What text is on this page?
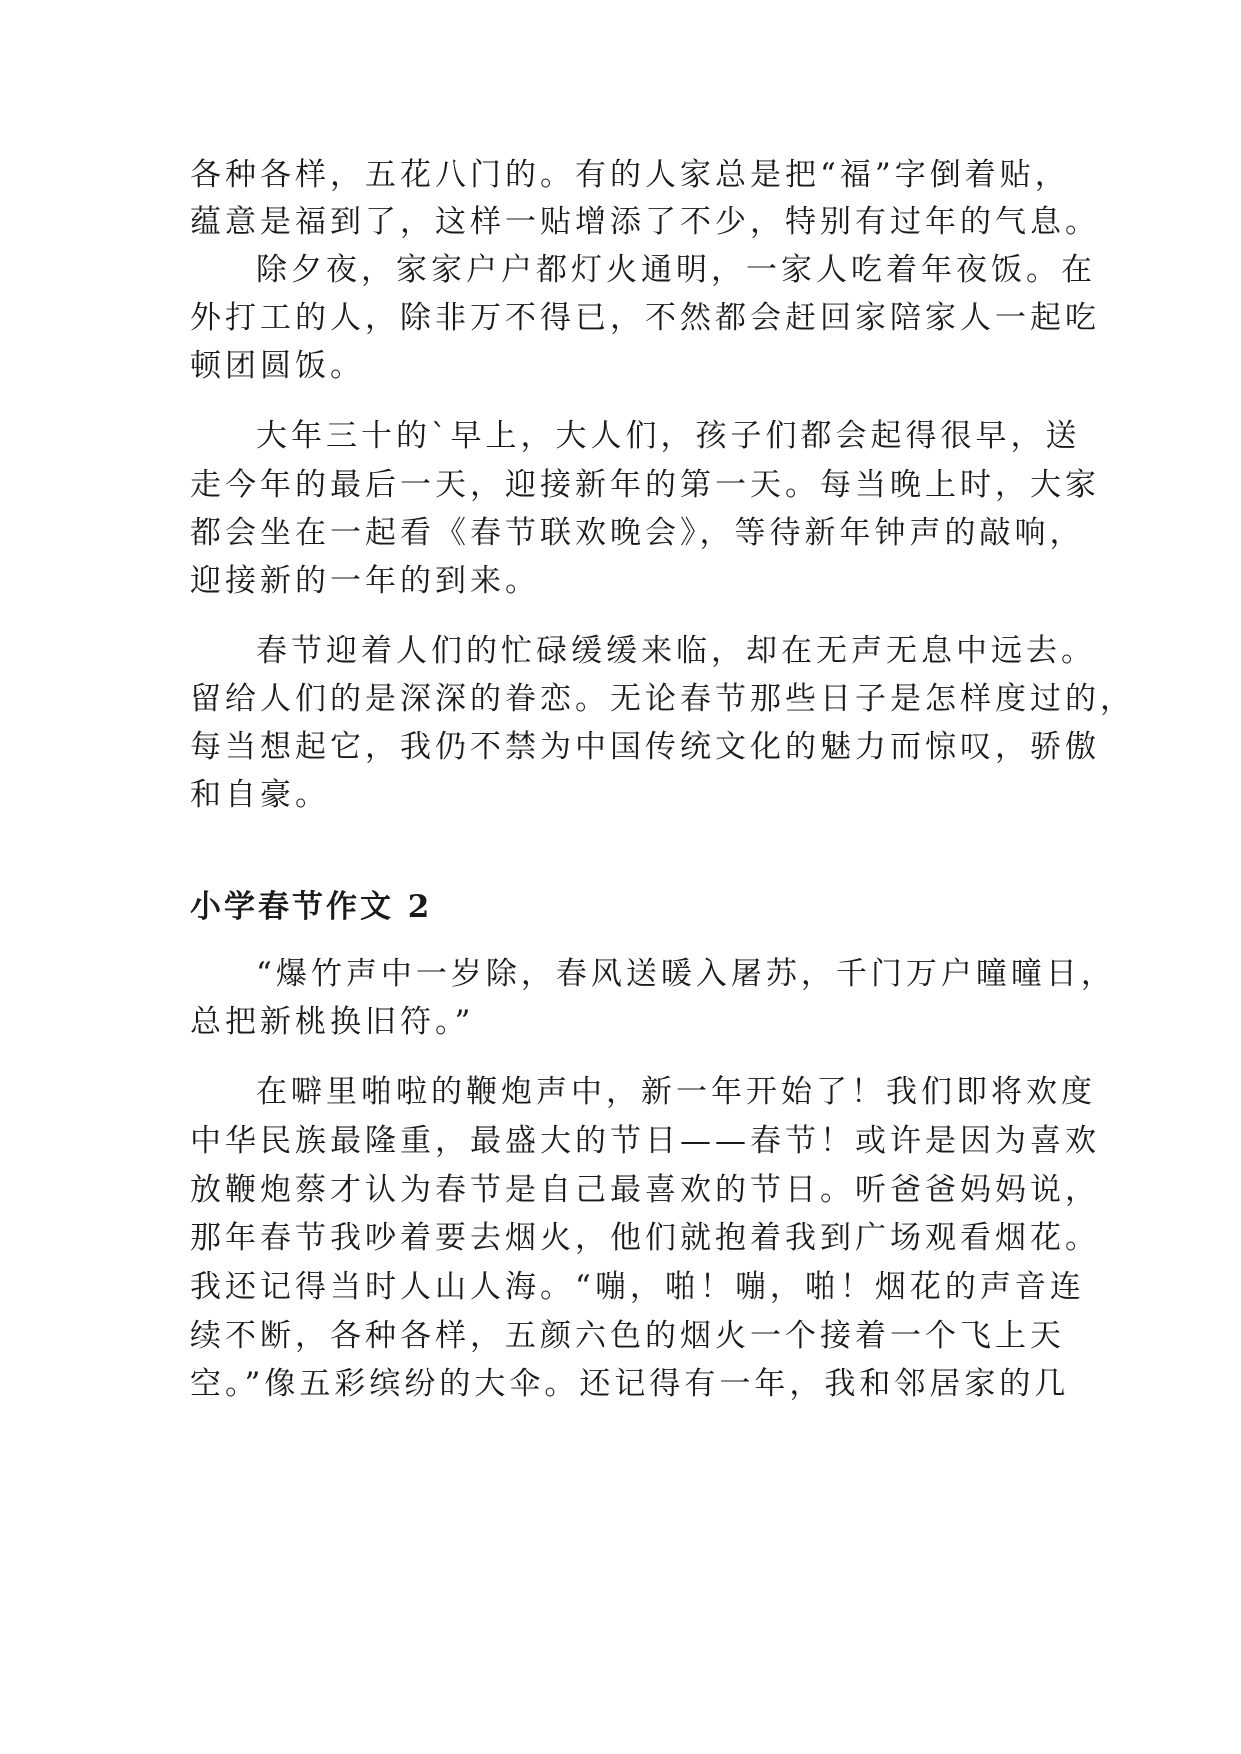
各种各样，五花八门的。有的人家总是把“福”字倒着贴，

蕴意是福到了，这样一贴增添了不少，特别有过年的气息。

除夕夜，家家户户都灯火通明，一家人吃着年夜饭。在

外打工的人，除非万不得已，不然都会赶回家陪家人一起吃

顿团圆饭。

大年三十的`早上，大人们，孩子们都会起得很早，送

走今年的最后一天，迎接新年的第一天。每当晚上时，大家

都会坐在一起看《春节联欢晚会》，等待新年钟声的敲响，

迎接新的一年的到来。

春节迎着人们的忙碌缓缓来临，却在无声无息中远去。

留给人们的是深深的眷恋。无论春节那些日子是怎样度过的，

每当想起它，我仍不禁为中国传统文化的魅力而惊叹，骄傲

和自豪。

小学春节作文 2

“爆竹声中一岁除，春风送暖入屠苏，千门万户曈曈日，

总把新桃换旧符。”

在噼里啪啦的鞭炮声中，新一年开始了！我们即将欢度

中华民族最隆重，最盛大的节日——春节！或许是因为喜欢

放鞭炮蔡才认为春节是自己最喜欢的节日。听爸爸妈妈说，

那年春节我吵着要去烟火，他们就抱着我到广场观看烟花。

我还记得当时人山人海。“嘣，啪！嘣，啪！烟花的声音连

续不断，各种各样，五颜六色的烟火一个接着一个飞上天

空。”像五彩缤纷的大伞。还记得有一年，我和邻居家的几
